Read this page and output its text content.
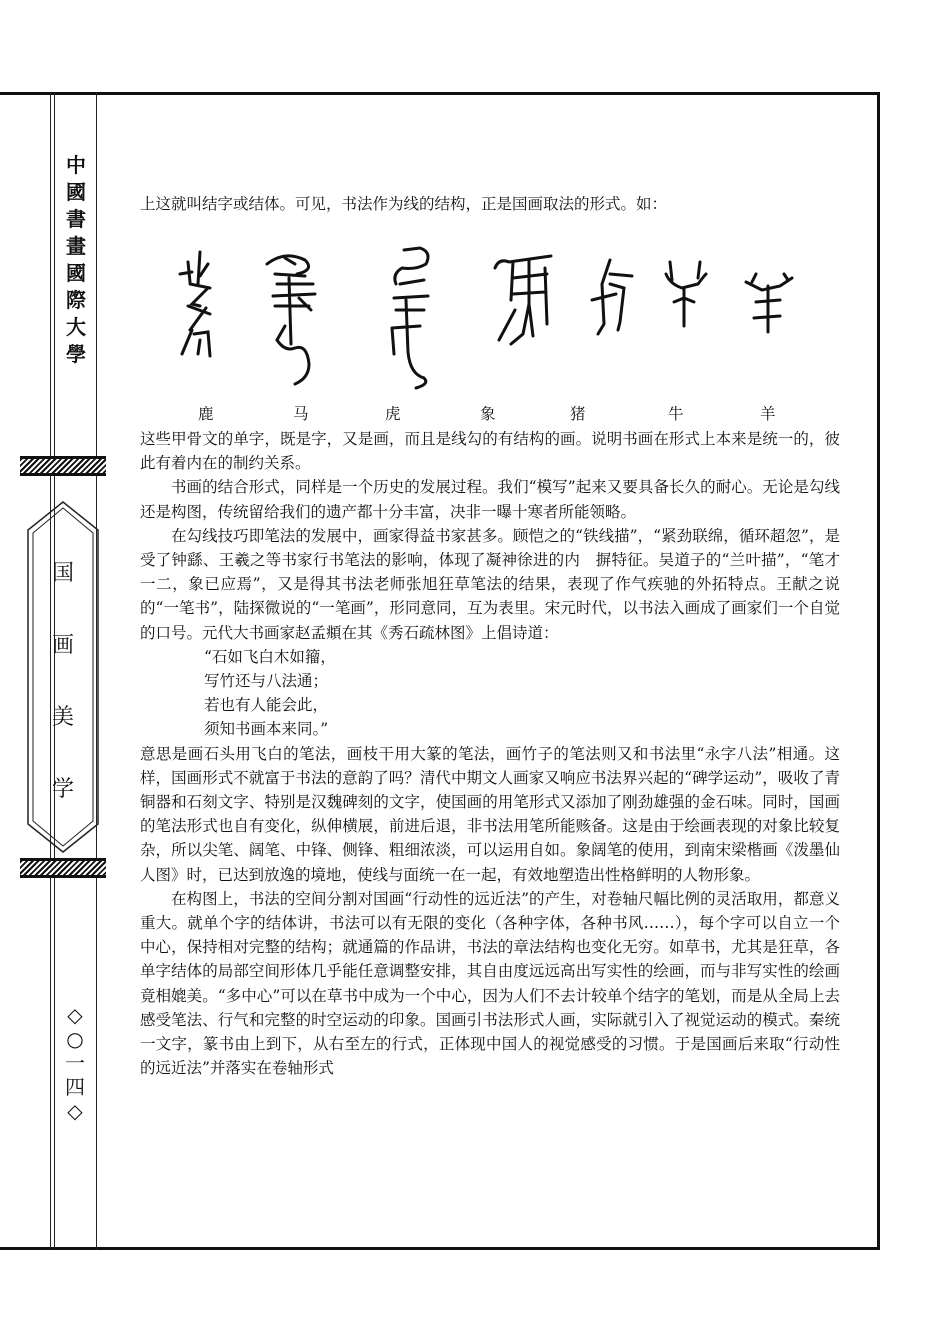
中
國
書
畫
國
際
大
學
国
画
美
学
◇
○
一
四
◇

上这就叫结字或结体。可见，书法作为线的结构，正是国画取法的形式。如：

鹿	马	虎	象	猪	牛	羊

这些甲骨文的单字，既是字，又是画，而且是线勾的有结构的画。说明书画在形式上本来是统一的，彼此有着内在的制约关系。

书画的结合形式，同样是一个历史的发展过程。我们“模写”起来又要具备长久的耐心。无论是勾线还是构图，传统留给我们的遗产都十分丰富，决非一曝十寒者所能领略。

在勾线技巧即笔法的发展中，画家得益书家甚多。顾恺之的“铁线描”，“紧劲联绵，循环超忽”，是受了钟繇、王羲之等书家行书笔法的影响，体现了凝神徐进的内　摒特征。吴道子的“兰叶描”，“笔才一二，象已应焉”，又是得其书法老师张旭狂草笔法的结果，表现了作气疾驰的外拓特点。王献之说的“一笔书”，陆探微说的“一笔画”，形同意同，互为表里。宋元时代，以书法入画成了画家们一个自觉的口号。元代大书画家赵孟頫在其《秀石疏林图》上倡诗道：

“石如飞白木如籀，

写竹还与八法通；

若也有人能会此，

须知书画本来同。”

意思是画石头用飞白的笔法，画枝干用大篆的笔法，画竹子的笔法则又和书法里“永字八法”相通。这样，国画形式不就富于书法的意韵了吗？清代中期文人画家又响应书法界兴起的“碑学运动”，吸收了青铜器和石刻文字、特别是汉魏碑刻的文字，使国画的用笔形式又添加了刚劲雄强的金石味。同时，国画的笔法形式也自有变化，纵伸横展，前进后退，非书法用笔所能赅备。这是由于绘画表现的对象比较复杂，所以尖笔、阔笔、中锋、侧锋、粗细浓淡，可以运用自如。象阔笔的使用，到南宋梁楷画《泼墨仙人图》时，已达到放逸的境地，使线与面统一在一起，有效地塑造出性格鲜明的人物形象。

在构图上，书法的空间分割对国画“行动性的远近法”的产生，对卷轴尺幅比例的灵活取用，都意义重大。就单个字的结体讲，书法可以有无限的变化（各种字体，各种书风……），每个字可以自立一个中心，保持相对完整的结构；就通篇的作品讲，书法的章法结构也变化无穷。如草书，尤其是狂草，各单字结体的局部空间形体几乎能任意调整安排，其自由度远远高出写实性的绘画，而与非写实性的绘画竟相媲美。“多中心”可以在草书中成为一个中心，因为人们不去计较单个结字的笔划，而是从全局上去感受笔法、行气和完整的时空运动的印象。国画引书法形式人画，实际就引入了视觉运动的模式。秦统一文字，篆书由上到下，从右至左的行式，正体现中国人的视觉感受的习惯。于是国画后来取“行动性的远近法”并落实在卷轴形式
